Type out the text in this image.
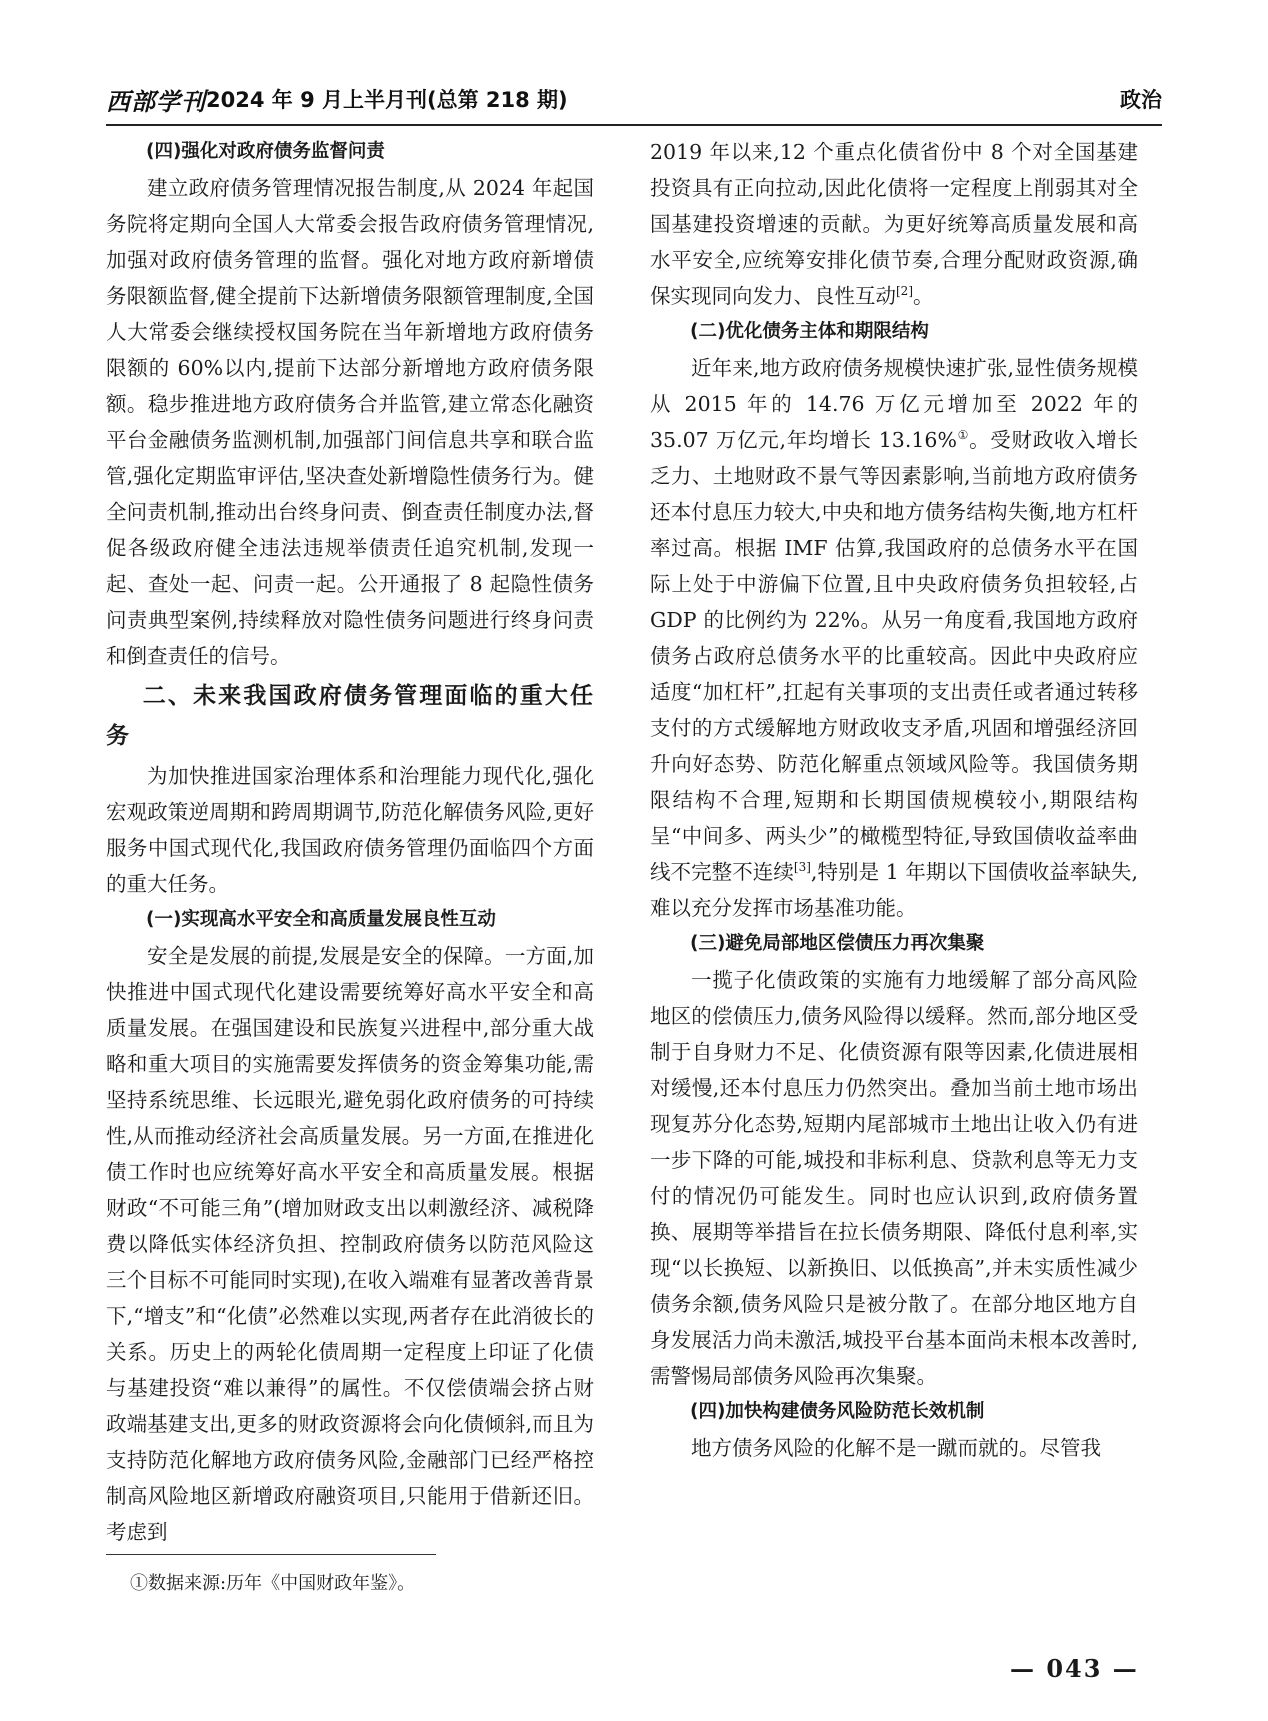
西部学刊 2024 年 9 月上半月刊(总第 218 期)	政治
(四)强化对政府债务监督问责

建立政府债务管理情况报告制度,从 2024 年起国务院将定期向全国人大常委会报告政府债务管理情况,加强对政府债务管理的监督。强化对地方政府新增债务限额监督,健全提前下达新增债务限额管理制度,全国人大常委会继续授权国务院在当年新增地方政府债务限额的 60%以内,提前下达部分新增地方政府债务限额。稳步推进地方政府债务合并监管,建立常态化融资平台金融债务监测机制,加强部门间信息共享和联合监管,强化定期监审评估,坚决查处新增隐性债务行为。健全问责机制,推动出台终身问责、倒查责任制度办法,督促各级政府健全违法违规举债责任追究机制,发现一起、查处一起、问责一起。公开通报了 8 起隐性债务问责典型案例,持续释放对隐性债务问题进行终身问责和倒查责任的信号。

二、未来我国政府债务管理面临的重大任务

为加快推进国家治理体系和治理能力现代化,强化宏观政策逆周期和跨周期调节,防范化解债务风险,更好服务中国式现代化,我国政府债务管理仍面临四个方面的重大任务。

(一)实现高水平安全和高质量发展良性互动

安全是发展的前提,发展是安全的保障。一方面,加快推进中国式现代化建设需要统筹好高水平安全和高质量发展。在强国建设和民族复兴进程中,部分重大战略和重大项目的实施需要发挥债务的资金筹集功能,需坚持系统思维、长远眼光,避免弱化政府债务的可持续性,从而推动经济社会高质量发展。另一方面,在推进化债工作时也应统筹好高水平安全和高质量发展。根据财政“不可能三角”(增加财政支出以刺激经济、减税降费以降低实体经济负担、控制政府债务以防范风险这三个目标不可能同时实现),在收入端难有显著改善背景下,“增支”和“化债”必然难以实现,两者存在此消彼长的关系。历史上的两轮化债周期一定程度上印证了化债与基建投资“难以兼得”的属性。不仅偿债端会挤占财政端基建支出,更多的财政资源将会向化债倾斜,而且为支持防范化解地方政府债务风险,金融部门已经严格控制高风险地区新增政府融资项目,只能用于借新还旧。考虑到

2019 年以来,12 个重点化债省份中 8 个对全国基建投资具有正向拉动,因此化债将一定程度上削弱其对全国基建投资增速的贡献。为更好统筹高质量发展和高水平安全,应统筹安排化债节奏,合理分配财政资源,确保实现同向发力、良性互动[2]。

(二)优化债务主体和期限结构

近年来,地方政府债务规模快速扩张,显性债务规模从 2015 年的 14.76 万亿元增加至 2022 年的 35.07 万亿元,年均增长 13.16%①。受财政收入增长乏力、土地财政不景气等因素影响,当前地方政府债务还本付息压力较大,中央和地方债务结构失衡,地方杠杆率过高。根据 IMF 估算,我国政府的总债务水平在国际上处于中游偏下位置,且中央政府债务负担较轻,占 GDP 的比例约为 22%。从另一角度看,我国地方政府债务占政府总债务水平的比重较高。因此中央政府应适度“加杠杆”,扛起有关事项的支出责任或者通过转移支付的方式缓解地方财政收支矛盾,巩固和增强经济回升向好态势、防范化解重点领域风险等。我国债务期限结构不合理,短期和长期国债规模较小,期限结构呈“中间多、两头少”的橄榄型特征,导致国债收益率曲线不完整不连续[3],特别是 1 年期以下国债收益率缺失,难以充分发挥市场基准功能。

(三)避免局部地区偿债压力再次集聚

一揽子化债政策的实施有力地缓解了部分高风险地区的偿债压力,债务风险得以缓释。然而,部分地区受制于自身财力不足、化债资源有限等因素,化债进展相对缓慢,还本付息压力仍然突出。叠加当前土地市场出现复苏分化态势,短期内尾部城市土地出让收入仍有进一步下降的可能,城投和非标利息、贷款利息等无力支付的情况仍可能发生。同时也应认识到,政府债务置换、展期等举措旨在拉长债务期限、降低付息利率,实现“以长换短、以新换旧、以低换高”,并未实质性减少债务余额,债务风险只是被分散了。在部分地区地方自身发展活力尚未激活,城投平台基本面尚未根本改善时,需警惕局部债务风险再次集聚。

(四)加快构建债务风险防范长效机制

地方债务风险的化解不是一蹴而就的。尽管我

①数据来源:历年《中国财政年鉴》。
— 043 —
